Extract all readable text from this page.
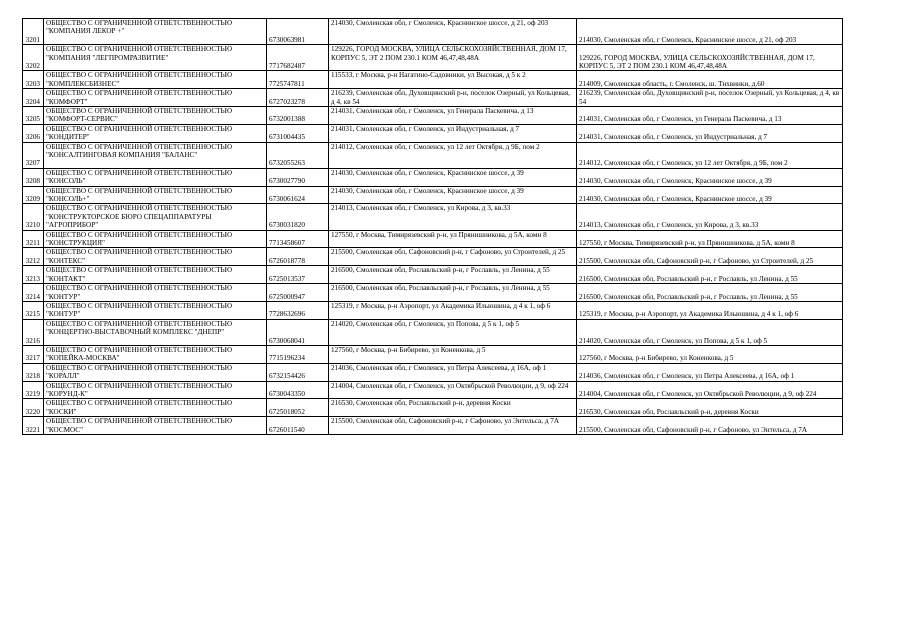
3201	ОБЩЕСТВО С ОГРАНИЧЕННОЙ ОТВЕТСТВЕННОСТЬЮ "КОМПАНИЯ ЛЕКОР +"	6730063981	214030, Смоленская обл, г Смоленск, Краснинское шоссе, д 21, оф 203	214030, Смоленская обл, г Смоленск, Краснинское шоссе, д 21, оф 203
3202	ОБЩЕСТВО С ОГРАНИЧЕННОЙ ОТВЕТСТВЕННОСТЬЮ "КОМПАНИЯ "ЛЕГПРОМРАЗВИТИЕ"	7717682487	129226, ГОРОД МОСКВА, УЛИЦА СЕЛЬСКОХОЗЯЙСТВЕННАЯ, ДОМ 17, КОРПУС 5, ЭТ 2 ПОМ 230.1 КОМ 46,47,48,48А	129226, ГОРОД МОСКВА, УЛИЦА СЕЛЬСКОХОЗЯЙСТВЕННАЯ, ДОМ 17, КОРПУС 5, ЭТ 2 ПОМ 230.1 КОМ 46,47,48,48А
3203	ОБЩЕСТВО С ОГРАНИЧЕННОЙ ОТВЕТСТВЕННОСТЬЮ "КОМПЛЕКСБИЗНЕС"	7725747811	115533, г Москва, р-н Нагатино-Садовники, ул Высокая, д 5 к 2	214009, Смоленская область, г. Смоленск, ш. Тихвинки, д.60
3204	ОБЩЕСТВО С ОГРАНИЧЕННОЙ ОТВЕТСТВЕННОСТЬЮ "КОМФОРТ"	6727023278	216239, Смоленская обл, Духовщинский р-н, поселок Озерный, ул Кольцевая, д 4, кв 54	216239, Смоленская обл, Духовщинский р-н, поселок Озерный, ул Кольцевая, д 4, кв 54
3205	ОБЩЕСТВО С ОГРАНИЧЕННОЙ ОТВЕТСТВЕННОСТЬЮ "КОМФОРТ-СЕРВИС"	6732001388	214031, Смоленская обл, г Смоленск, ул Генерала Паскевича, д 13	214031, Смоленская обл, г Смоленск, ул Генерала Паскевича, д 13
3206	ОБЩЕСТВО С ОГРАНИЧЕННОЙ ОТВЕТСТВЕННОСТЬЮ "КОНДИТЕР"	6731004435	214031, Смоленская обл, г Смоленск, ул Индустриальная, д 7	214031, Смоленская обл, г Смоленск, ул Индустриальная, д 7
3207	ОБЩЕСТВО С ОГРАНИЧЕННОЙ ОТВЕТСТВЕННОСТЬЮ "КОНСАЛТИНГОВАЯ КОМПАНИЯ "БАЛАНС"	6732055263	214012, Смоленская обл, г Смоленск, ул 12 лет Октября, д 9Б, пом 2	214012, Смоленская обл, г Смоленск, ул 12 лет Октября, д 9Б, пом 2
3208	ОБЩЕСТВО С ОГРАНИЧЕННОЙ ОТВЕТСТВЕННОСТЬЮ "КОНСОЛЬ"	6730027790	214030, Смоленская обл, г Смоленск, Краснинское шоссе, д 39	214030, Смоленская обл, г Смоленск, Краснинское шоссе, д 39
3209	ОБЩЕСТВО С ОГРАНИЧЕННОЙ ОТВЕТСТВЕННОСТЬЮ "КОНСОЛЬ+"	6730061624	214030, Смоленская обл, г Смоленск, Краснинское шоссе, д 39	214030, Смоленская обл, г Смоленск, Краснинское шоссе, д 39
3210	ОБЩЕСТВО С ОГРАНИЧЕННОЙ ОТВЕТСТВЕННОСТЬЮ "КОНСТРУКТОРСКОЕ БЮРО СПЕЦАППАРАТУРЫ "АГРОПРИБОР"	6730031820	214013, Смоленская обл, г Смоленск, ул Кирова, д 3, кв.33	214013, Смоленская обл, г Смоленск, ул Кирова, д 3, кв.33
3211	ОБЩЕСТВО С ОГРАНИЧЕННОЙ ОТВЕТСТВЕННОСТЬЮ "КОНСТРУКЦИЯ"	7713458607	127550, г Москва, Тимирязевский р-н, ул Прянишникова, д 5А, комн 8	127550, г Москва, Тимирязевский р-н, ул Прянишникова, д 5А, комн 8
3212	ОБЩЕСТВО С ОГРАНИЧЕННОЙ ОТВЕТСТВЕННОСТЬЮ "КОНТЕКС"	6726018778	215500, Смоленская обл, Сафоновский р-н, г Сафоново, ул Строителей, д 25	215500, Смоленская обл, Сафоновский р-н, г Сафоново, ул Строителей, д 25
3213	ОБЩЕСТВО С ОГРАНИЧЕННОЙ ОТВЕТСТВЕННОСТЬЮ "КОНТАКТ"	6725013537	216500, Смоленская обл, Рославльский р-н, г Рославль, ул Ленина, д 55	216500, Смоленская обл, Рославльский р-н, г Рославль, ул Ленина, д 55
3214	ОБЩЕСТВО С ОГРАНИЧЕННОЙ ОТВЕТСТВЕННОСТЬЮ "КОНТУР"	6725000947	216500, Смоленская обл, Рославльский р-н, г Рославль, ул Ленина, д 55	216500, Смоленская обл, Рославльский р-н, г Рославль, ул Ленина, д 55
3215	ОБЩЕСТВО С ОГРАНИЧЕННОЙ ОТВЕТСТВЕННОСТЬЮ "КОНТУР"	7728632696	125319, г Москва, р-н Аэропорт, ул Академика Ильюшина, д 4 к 1, оф 6	125319, г Москва, р-н Аэропорт, ул Академика Ильюшина, д 4 к 1, оф 6
3216	ОБЩЕСТВО С ОГРАНИЧЕННОЙ ОТВЕТСТВЕННОСТЬЮ "КОНЦЕРТНО-ВЫСТАВОЧНЫЙ КОМПЛЕКС "ДНЕПР"	6730068041	214020, Смоленская обл, г Смоленск, ул Попова, д 5 к 1, оф 5	214020, Смоленская обл, г Смоленск, ул Попова, д 5 к 1, оф 5
3217	ОБЩЕСТВО С ОГРАНИЧЕННОЙ ОТВЕТСТВЕННОСТЬЮ "КОПЕЙКА-МОСКВА"	7715196234	127560, г Москва, р-н Бибирево, ул Коненкова, д 5	127560, г Москва, р-н Бибирево, ул Коненкова, д 5
3218	ОБЩЕСТВО С ОГРАНИЧЕННОЙ ОТВЕТСТВЕННОСТЬЮ "КОРАЛЛ"	6732154426	214036, Смоленская обл, г Смоленск, ул Петра Алексеева, д 16А, оф 1	214036, Смоленская обл, г Смоленск, ул Петра Алексеева, д 16А, оф 1
3219	ОБЩЕСТВО С ОГРАНИЧЕННОЙ ОТВЕТСТВЕННОСТЬЮ "КОРУНД-К"	6730043350	214004, Смоленская обл, г Смоленск, ул Октябрьской Революции, д 9, оф 224	214004, Смоленская обл, г Смоленск, ул Октябрьской Революции, д 9, оф 224
3220	ОБЩЕСТВО С ОГРАНИЧЕННОЙ ОТВЕТСТВЕННОСТЬЮ "КОСКИ"	6725018052	216530, Смоленская обл, Рославльский р-н, деревня Коски	216530, Смоленская обл, Рославльский р-н, деревня Коски
3221	ОБЩЕСТВО С ОГРАНИЧЕННОЙ ОТВЕТСТВЕННОСТЬЮ "КОСМОС"	6726011540	215500, Смоленская обл, Сафоновский р-н, г Сафоново, ул Энтельса, д 7А	215500, Смоленская обл, Сафоновский р-н, г Сафоново, ул Энтельса, д 7А
